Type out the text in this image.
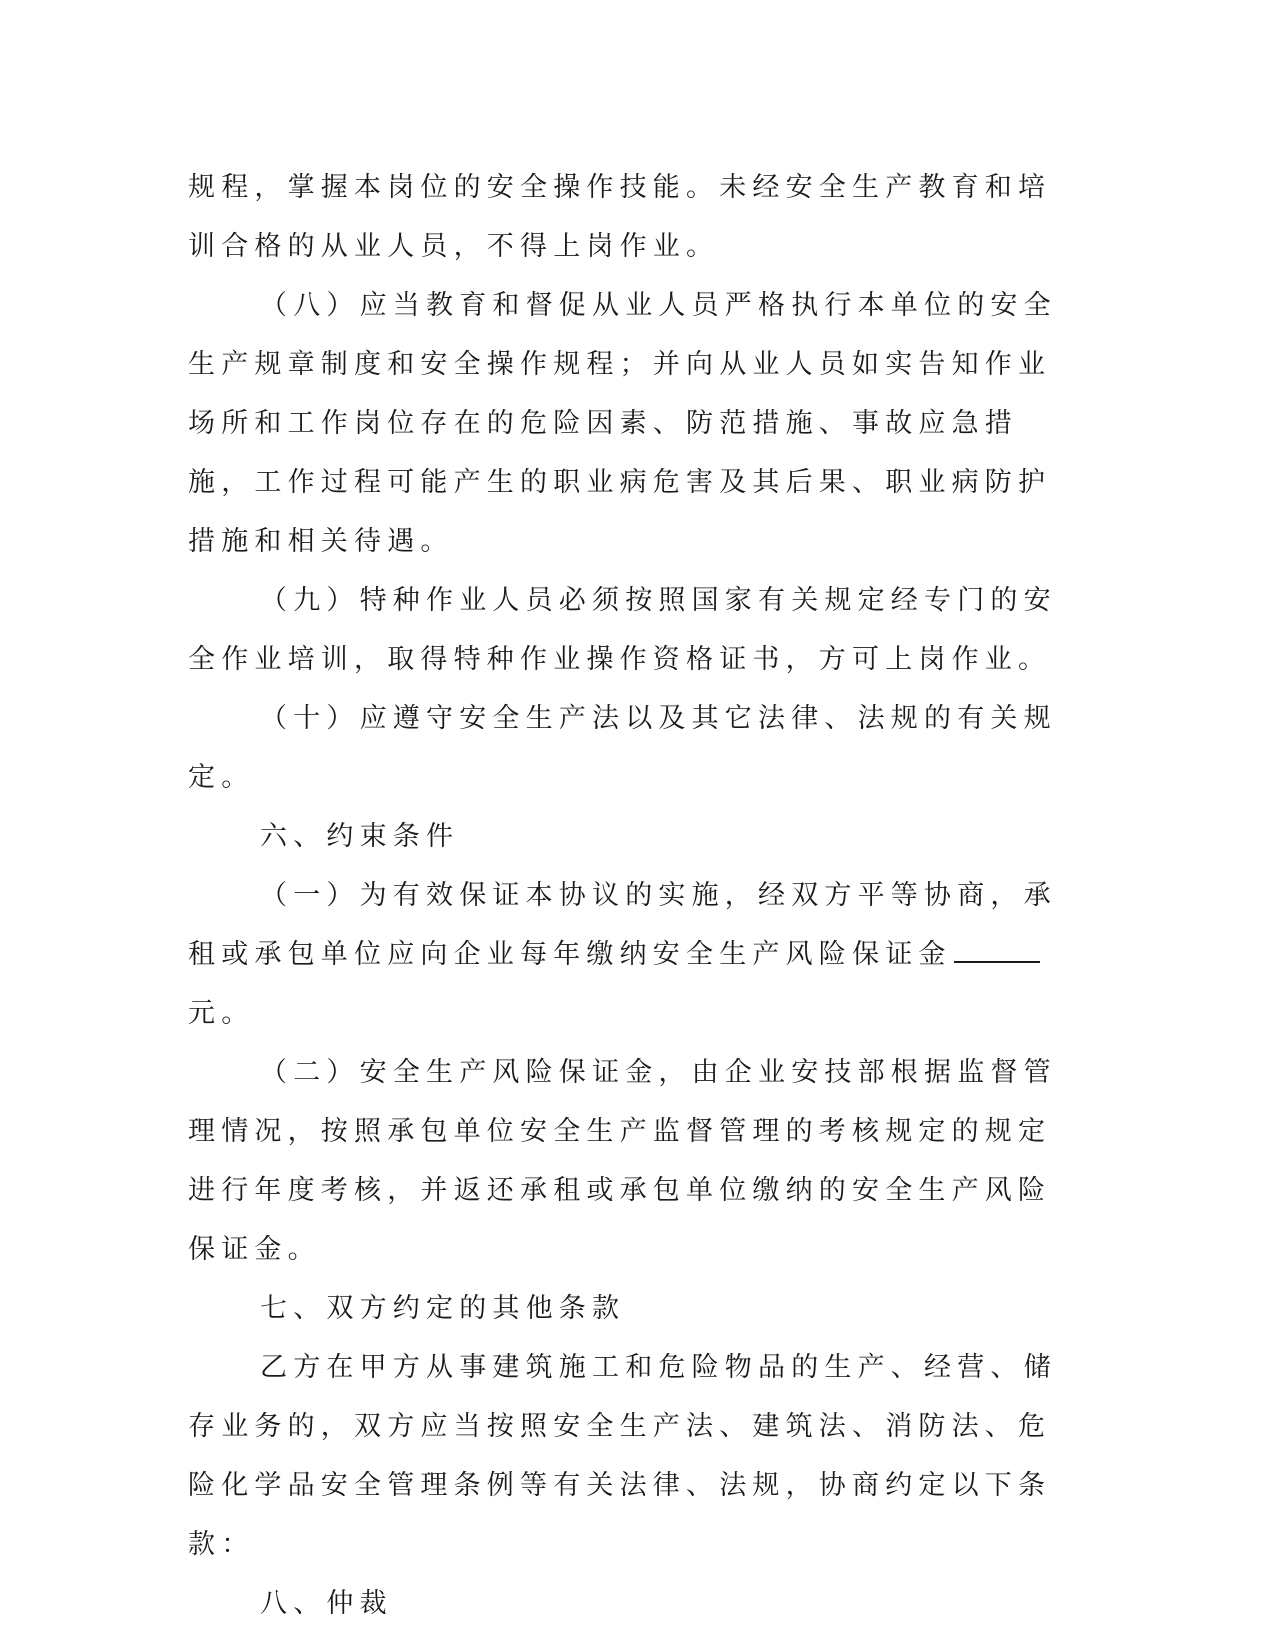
规程，掌握本岗位的安全操作技能。未经安全生产教育和培训合格的从业人员，不得上岗作业。

（八）应当教育和督促从业人员严格执行本单位的安全生产规章制度和安全操作规程；并向从业人员如实告知作业场所和工作岗位存在的危险因素、防范措施、事故应急措施，工作过程可能产生的职业病危害及其后果、职业病防护措施和相关待遇。

（九）特种作业人员必须按照国家有关规定经专门的安全作业培训，取得特种作业操作资格证书，方可上岗作业。

（十）应遵守安全生产法以及其它法律、法规的有关规定。

六、约束条件

（一）为有效保证本协议的实施，经双方平等协商，承租或承包单位应向企业每年缴纳安全生产风险保证金元。

（二）安全生产风险保证金，由企业安技部根据监督管理情况，按照承包单位安全生产监督管理的考核规定的规定进行年度考核，并返还承租或承包单位缴纳的安全生产风险保证金。

七、双方约定的其他条款

乙方在甲方从事建筑施工和危险物品的生产、经营、储存业务的，双方应当按照安全生产法、建筑法、消防法、危险化学品安全管理条例等有关法律、法规，协商约定以下条款：

八、仲裁
